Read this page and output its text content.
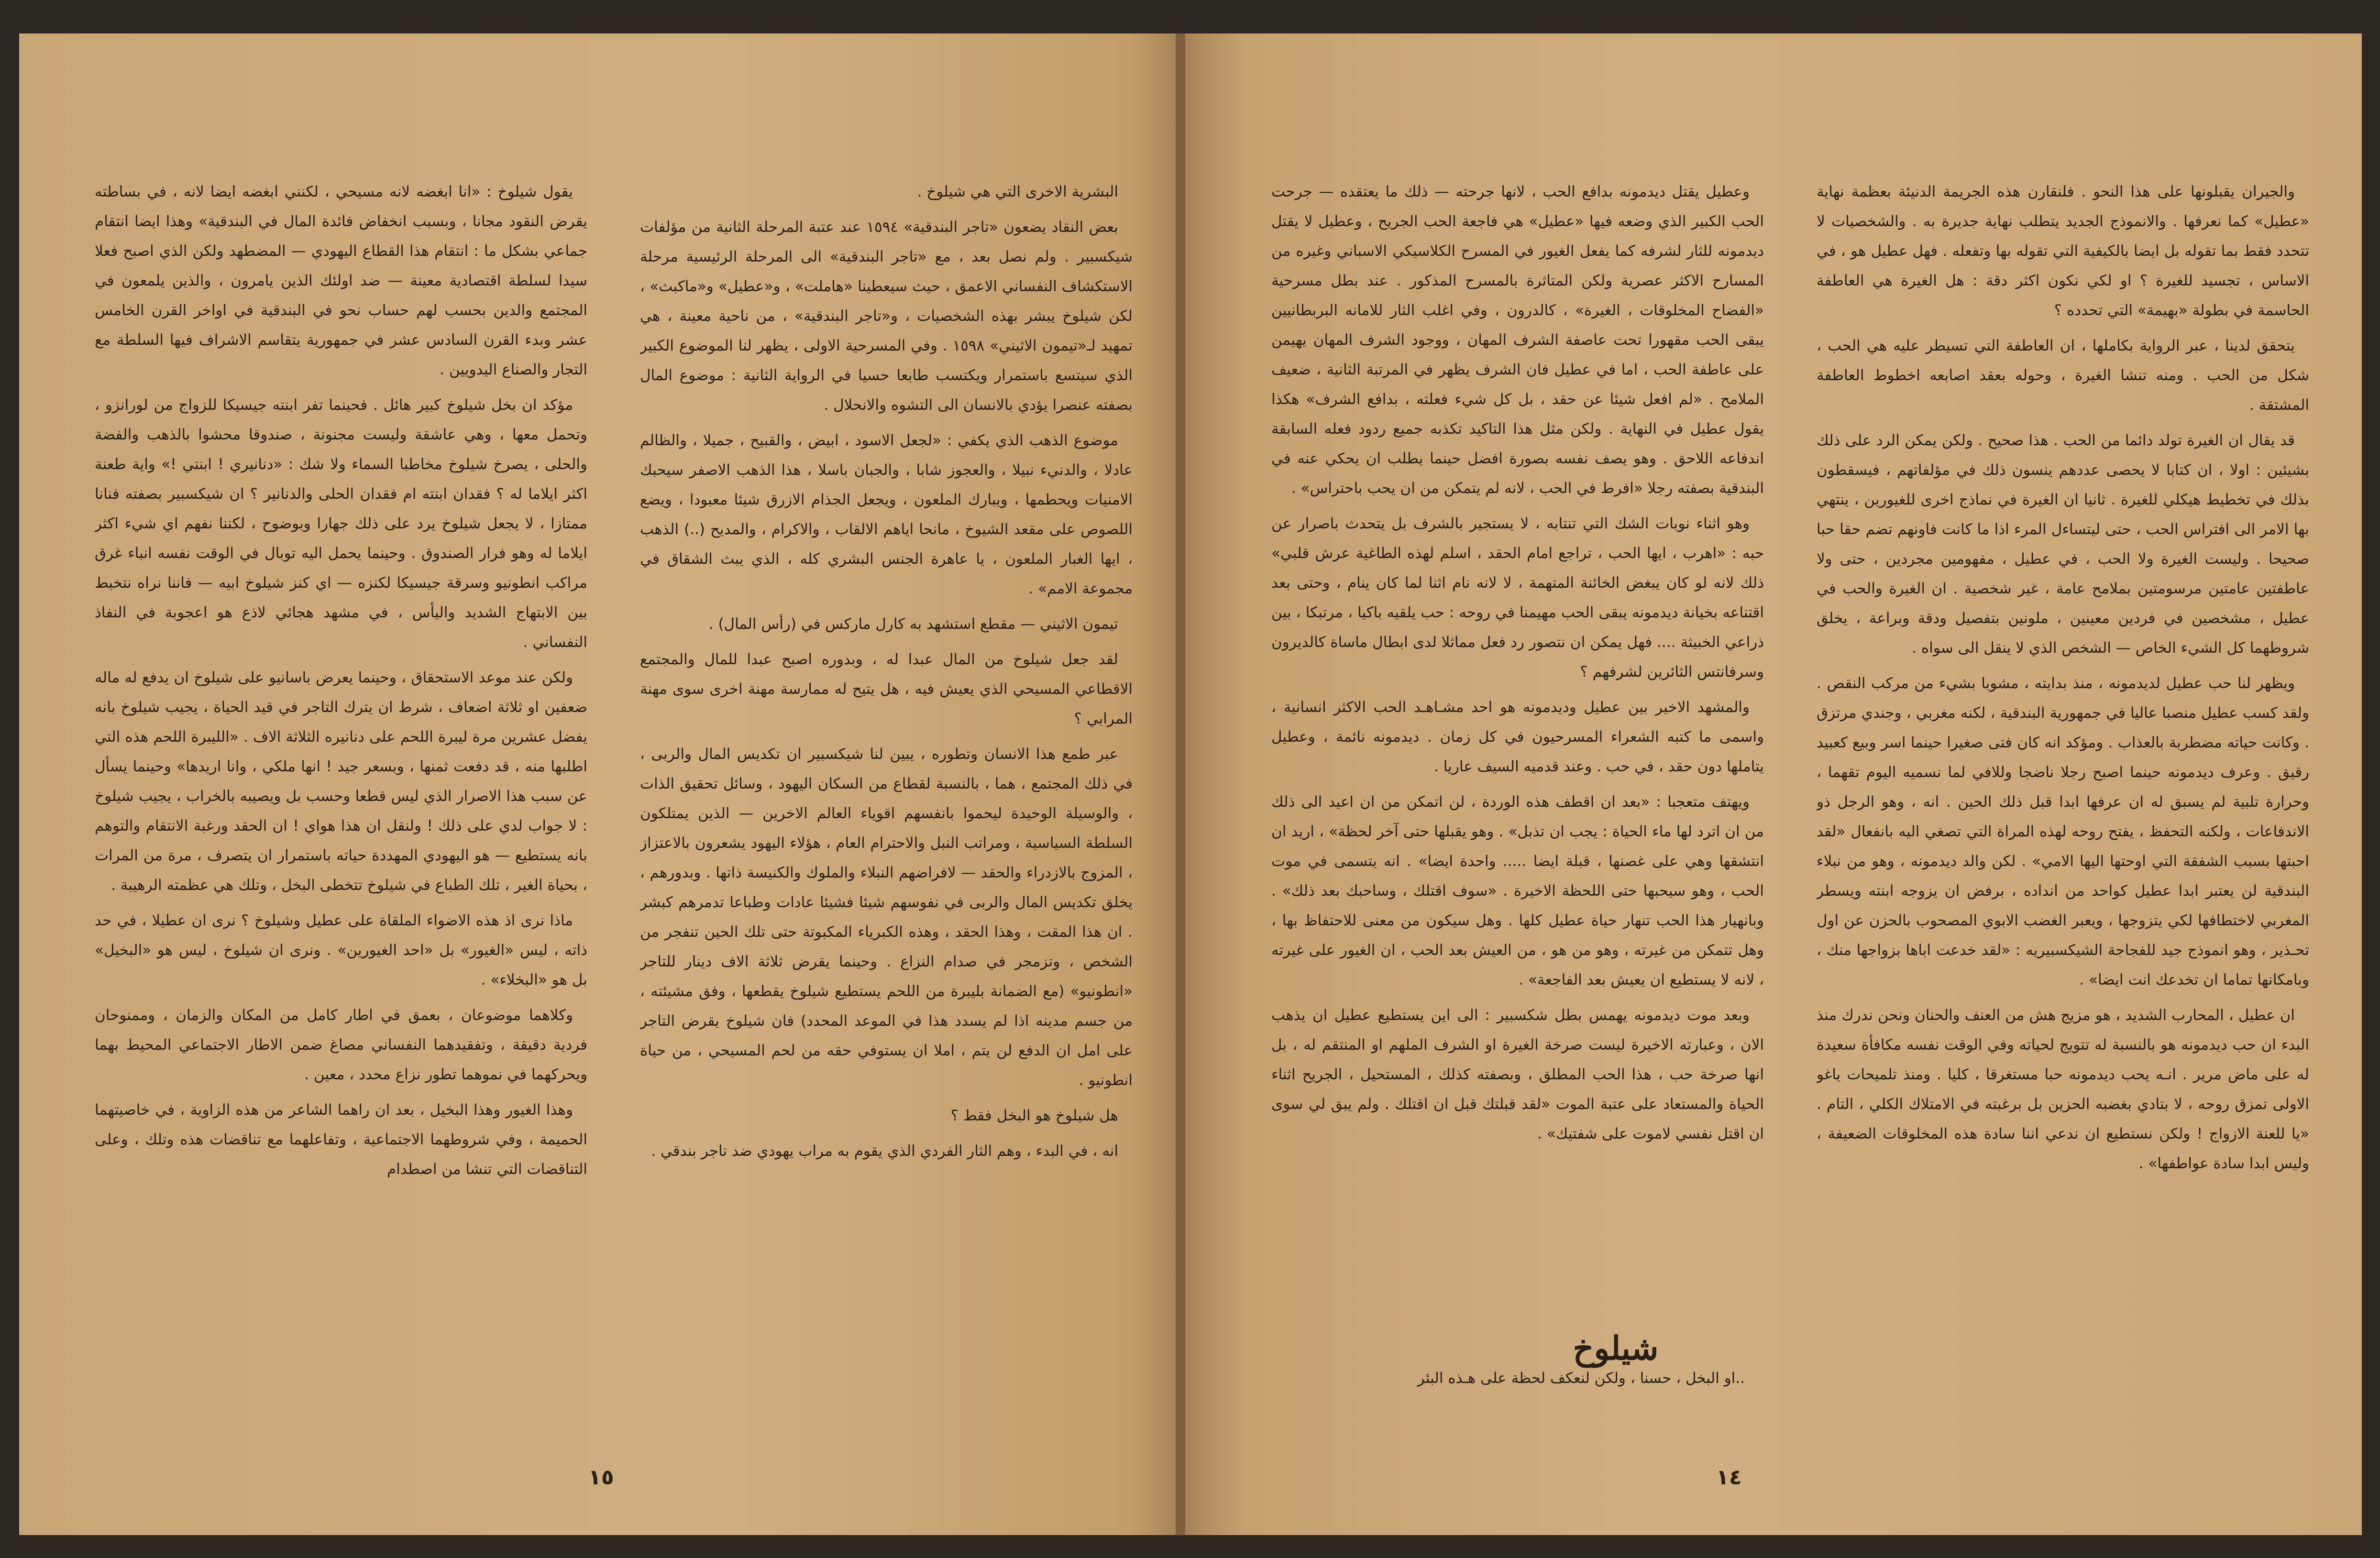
البشرية الاخرى التي هي شيلوخ .

بعض النقاد يضعون «تاجر البندقية» ١٥٩٤ عند عتبة المرحلة الثانية من مؤلفات شيكسبير . ولم نصل بعد ، مع «تاجر البندقية» الى المرحلة الرئيسية مرحلة الاستكشاف النفساني الاعمق ، حيث سيعطينا «هاملت» ، و«عطيل» و«ماكبث» ، لكن شيلوخ يبشر بهذه الشخصيات ، و«تاجر البندقية» ، من ناحية معينة ، هي تمهيد لـ«تيمون الاثيني» ١٥٩٨ . وفي المسرحية الاولى ، يظهر لنا الموضوع الكبير الذي سيتسع باستمرار ويكتسب طابعا حسيا في الرواية الثانية : موضوع المال بصفته عنصرا يؤدي بالانسان الى التشوه والانحلال .

موضوع الذهب الذي يكفي : «لجعل الاسود ، ابيض ، والقبيح ، جميلا ، والظالم عادلا ، والدنيء نبيلا ، والعجوز شابا ، والجبان باسلا ، هذا الذهب الاصفر سيحبك الامنيات ويحطمها ، ويبارك الملعون ، ويجعل الجذام الازرق شيئا معبودا ، ويضع اللصوص على مقعد الشيوخ ، مانحا اياهم الالقاب ، والاكرام ، والمديح (..) الذهب ، ايها الغبار الملعون ، يا عاهرة الجنس البشري كله ، الذي يبث الشقاق في مجموعة الامم» .

تيمون الاثيني — مقطع استشهد به كارل ماركس في (رأس المال) .

لقد جعل شيلوخ من المال عبدا له ، وبدوره اصبح عبدا للمال والمجتمع الاقطاعي المسيحي الذي يعيش فيه ، هل يتيح له ممارسة مهنة اخرى سوى مهنة المرابي ؟

عبر طمع هذا الانسان وتطوره ، يبين لنا شيكسبير ان تكديس المال والربى ، في ذلك المجتمع ، هما ، بالنسبة لقطاع من السكان اليهود ، وسائل تحقيق الذات ، والوسيلة الوحيدة ليحموا بانفسهم اقوياء العالم الاخرين — الذين يمتلكون السلطة السياسية ، ومراتب النبل والاحترام العام ، هؤلاء اليهود يشعرون بالاعتزاز ، المزوج بالازدراء والحقد — لافراضهم النبلاء والملوك والكنيسة ذاتها . وبدورهم ، يخلق تكديس المال والربى في نفوسهم شيئا فشيئا عادات وطباعا تدمرهم كبشر . ان هذا المقت ، وهذا الحقد ، وهذه الكبرياء المكبوتة حتى تلك الحين تنفجر من الشخص ، وتزمجر في صدام النزاع . وحينما يقرض ثلاثة الاف دينار للتاجر «انطونيو» (مع الضمانة بليبرة من اللحم يستطيع شيلوخ يقطعها ، وفق مشيئته ، من جسم مدينه اذا لم يسدد هذا في الموعد المحدد) فان شيلوخ يقرض التاجر على امل ان الدفع لن يتم ، املا ان يستوفي حقه من لحم المسيحي ، من حياة انطونيو .

هل شيلوخ هو البخل فقط ؟

انه ، في البدء ، وهم الثار الفردي الذي يقوم به مراب يهودي ضد تاجر بندقي .

يقول شيلوخ : «انا ابغضه لانه مسيحي ، لكنني ابغضه ايضا لانه ، في بساطته يقرض النقود مجانا ، وبسبب انخفاض فائدة المال في البندقية» وهذا ايضا انتقام جماعي بشكل ما : انتقام هذا القطاع اليهودي — المضطهد ولكن الذي اصبح فعلا سيدا لسلطة اقتصادية معينة — ضد اولئك الذين يامرون ، والذين يلمعون في المجتمع والدين بحسب لهم حساب نحو في البندقية في اواخر القرن الخامس عشر وبدء القرن السادس عشر في جمهورية يتقاسم الاشراف فيها السلطة مع التجار والصناع اليدويين .

مؤكد ان بخل شيلوخ كبير هائل . فحينما تفر ابنته جيسيكا للزواج من لورانزو ، وتحمل معها ، وهي عاشقة وليست مجنونة ، صندوقا محشوا بالذهب والفضة والحلى ، يصرخ شيلوخ مخاطبا السماء ولا شك : «دنانيري ! ابنتي !» واية طعنة اكثر ايلاما له ؟ فقدان ابنته ام فقدان الحلى والدنانير ؟ ان شيكسبير بصفته فنانا ممتازا ، لا يجعل شيلوخ يرد على ذلك جهارا وبوضوح ، لكننا نفهم اي شيء اكثر ايلاما له وهو فرار الصندوق . وحينما يحمل اليه توبال في الوقت نفسه انباء غرق مراكب انطونيو وسرقة جيسيكا لكنزه — اي كنز شيلوخ ابيه — فاننا نراه نتخبط بين الابتهاج الشديد واليأس ، في مشهد هجائي لاذع هو اعجوبة في النفاذ النفساني .

ولكن عند موعد الاستحقاق ، وحينما يعرض باسانيو على شيلوخ ان يدفع له ماله ضعفين او ثلاثة اضعاف ، شرط ان يترك التاجر في قيد الحياة ، يجيب شيلوخ بانه يفضل عشرين مرة ليبرة اللحم على دنانيره الثلاثة الاف . «الليبرة اللحم هذه التي اطلبها منه ، قد دفعت ثمنها ، وبسعر جيد ! انها ملكي ، وانا اريدها» وحينما يسأل عن سبب هذا الاصرار الذي ليس قطعا وحسب بل ويصيبه بالخراب ، يجيب شيلوخ : لا جواب لدي على ذلك ! ولنقل ان هذا هواي ! ان الحقد ورغبة الانتقام والتوهم بانه يستطيع — هو اليهودي المهددة حياته باستمرار ان يتصرف ، مرة من المرات ، بحياة الغير ، تلك الطباع في شيلوخ تتخطى البخل ، وتلك هي عظمته الرهيبة .

ماذا نرى اذ هذه الاضواء الملقاة على عطيل وشيلوخ ؟ نرى ان عطيلا ، في حد ذاته ، ليس «الغيور» بل «احد الغيورين» . ونرى ان شيلوخ ، ليس هو «البخيل» بل هو «البخلاء» .

وكلاهما موضوعان ، بعمق في اطار كامل من المكان والزمان ، وممنوحان فردية دقيقة ، وتفقيدهما النفساني مصاغ ضمن الاطار الاجتماعي المحيط بهما ويحركهما في نموهما تطور نزاع محدد ، معين .

وهذا الغيور وهذا البخيل ، بعد ان راهما الشاعر من هذه الزاوية ، في خاصيتهما الحميمة ، وفي شروطهما الاجتماعية ، وتفاعلهما مع تناقضات هذه وتلك ، وعلى التناقضات التي تنشا من اصطدام

١٥

والجيران يقبلونها على هذا النحو . فلنقارن هذه الجريمة الدنيئة بعظمة نهاية «عطيل» كما نعرفها . والانموذج الجديد يتطلب نهاية جديرة به . والشخصيات لا تتحدد فقط بما تقوله بل ايضا بالكيفية التي تقوله بها وتفعله . فهل عطيل هو ، في الاساس ، تجسيد للغيرة ؟ او لكي نكون اكثر دقة : هل الغيرة هي العاطفة الحاسمة في بطولة «بهيمة» التي تحدده ؟

يتحقق لدينا ، عبر الرواية بكاملها ، ان العاطفة التي تسيطر عليه هي الحب ، شكل من الحب . ومنه تنشا الغيرة ، وحوله بعقد اصابعه اخطوط العاطفة المشتقة .

قد يقال ان الغيرة تولد دائما من الحب . هذا صحيح . ولكن يمكن الرد على ذلك بشيئين : اولا ، ان كتابا لا يحصى عددهم ينسون ذلك في مؤلفاتهم ، فيسقطون بذلك في تخطيط هيكلي للغيرة . ثانيا ان الغيرة في نماذج اخرى للغيورين ، ينتهي بها الامر الى افتراس الحب ، حتى ليتساءل المرء اذا ما كانت فاونهم تضم حقا حبا صحيحا . وليست الغيرة ولا الحب ، في عطيل ، مفهومين مجردين ، حتى ولا عاطفتين عامتين مرسومتين بملامح عامة ، غير شخصية . ان الغيرة والحب في عطيل ، مشخصين في فردين معينين ، ملونين بتفصيل ودقة وبراعة ، يخلق شروطهما كل الشيء الخاص — الشخص الذي لا ينقل الى سواه .

ويظهر لنا حب عطيل لديدمونه ، منذ بدايته ، مشوبا بشيء من مركب النقص . ولقد كسب عطيل منصبا عاليا في جمهورية البندقية ، لكنه مغربي ، وجندي مرتزق . وكانت حياته مضطربة بالعذاب . ومؤكد انه كان فتى صغيرا حينما اسر وبيع كعبيد رقيق . وعرف ديدمونه حينما اصبح رجلا ناضجا وللافي لما نسميه اليوم تقهما ، وحرارة تلبية لم يسبق له ان عرفها ابدا قبل ذلك الحين . انه ، وهو الرجل ذو الاندفاعات ، ولكنه التحفظ ، يفتح روحه لهذه المراة التي تصغي اليه بانفعال «لقد احبتها بسبب الشفقة التي اوحتها اليها الامي» . لكن والد ديدمونه ، وهو من نبلاء البندقية لن يعتبر ابدا عطيل كواحد من انداده ، برفض ان يزوجه ابنته ويسطر المغربي لاختطافها لكي يتزوجها ، ويعبر الغضب الابوي المصحوب بالحزن عن اول تحـذير ، وهو انموذج جيد للفجاجة الشيكسبيريه : «لقد خدعت اباها بزواجها منك ، وبامكانها تماما ان تخدعك انت ايضا» .

ان عطيل ، المحارب الشديد ، هو مزيج هش من العنف والحنان ونحن ندرك منذ البدء ان حب ديدمونه هو بالنسبة له تتويج لحياته وفي الوقت نفسه مكافأة سعيدة له على ماض مرير . انـه يحب ديدمونه حبا مستغرقا ، كليا . ومنذ تلميحات ياغو الاولى تمزق روحه ، لا بتادي بغضبه الحزين بل برغبته في الامتلاك الكلي ، التام . «يا للعنة الازواج ! ولكن نستطيع ان ندعي اننا سادة هذه المخلوقات الضعيفة ، وليس ابدا سادة عواطفها» .

وعطيل يقتل ديدمونه بدافع الحب ، لانها جرحته — ذلك ما يعتقده — جرحت الحب الكبير الذي وضعه فيها «عطيل» هي فاجعة الحب الجريح ، وعطيل لا يقتل ديدمونه للثار لشرفه كما يفعل الغيور في المسرح الكلاسيكي الاسباني وغيره من المسارح الاكثر عصرية ولكن المتاثرة بالمسرح المذكور . عند بطل مسرحية «الفضاح المخلوقات ، الغيرة» ، كالدرون ، وفي اغلب الثار للامانه البربطانيين يبقى الحب مقهورا تحت عاصفة الشرف المهان ، ووجود الشرف المهان يهيمن على عاطفة الحب ، اما في عطيل فان الشرف يظهر في المرتبة الثانية ، ضعيف الملامح . «لم افعل شيئا عن حقد ، بل كل شيء فعلته ، بدافع الشرف» هكذا يقول عطيل في النهاية . ولكن مثل هذا التاكيد تكذبه جميع ردود فعله السابقة اندفاعه اللاحق . وهو يصف نفسه بصورة افضل حينما يطلب ان يحكي عنه في البندقية بصفته رجلا «افرط في الحب ، لانه لم يتمكن من ان يحب باحتراس» .

وهو اثناء نوبات الشك التي تنتابه ، لا يستجير بالشرف بل يتحدث باصرار عن حبه : «اهرب ، ايها الحب ، تراجع امام الحقد ، اسلم لهذه الطاغية عرش قلبي» ذلك لانه لو كان يبغض الخائنة المتهمة ، لا لانه نام اثنا لما كان ينام ، وحتى بعد اقتناعه بخيانة ديدمونه يبقى الحب مهيمنا في روحه : حب يلقيه باكيا ، مرتبكا ، بين ذراعي الخبيثة .... فهل يمكن ان نتصور رد فعل مماثلا لدى ابطال ماساة كالديرون وسرفانتس الثائرين لشرفهم ؟

والمشهد الاخير بين عطيل وديدمونه هو احد مشـاهـد الحب الاكثر انسانية ، واسمى ما كتبه الشعراء المسرحيون في كل زمان . ديدمونه نائمة ، وعطيل يتاملها دون حقد ، في حب . وعند قدميه السيف عاريا .

ويهتف متعجبا : «بعد ان اقطف هذه الوردة ، لن اتمكن من ان اعيد الى ذلك من ان اترد لها ماء الحياة : يجب ان تذبل» . وهو يقبلها حتى آخر لحظة» ، اريد ان انتشقها وهي على غصنها ، قبلة ايضا ..... واحدة ايضا» . انه يتسمى في موت الحب ، وهو سيحبها حتى اللحظة الاخيرة . «سوف اقتلك ، وساحبك بعد ذلك» . وبانهيار هذا الحب تنهار حياة عطيل كلها . وهل سيكون من معنى للاحتفاظ بها ، وهل تتمكن من غيرته ، وهو من هو ، من العيش بعد الحب ، ان الغيور على غيرته ، لانه لا يستطيع ان يعيش بعد الفاجعة» .

وبعد موت ديدمونه يهمس بطل شكسبير : الى اين يستطيع عطيل ان يذهب الان ، وعبارته الاخيرة ليست صرخة الغيرة او الشرف الملهم او المنتقم له ، بل انها صرخة حب ، هذا الحب المطلق ، وبصفته كذلك ، المستحيل ، الجريح اثناء الحياة والمستعاد على عتبة الموت «لقد قبلتك قبل ان اقتلك . ولم يبق لي سوى ان اقتل نفسي لاموت على شفتيك» .

شيلوخ
..او البخل ، حسنا ، ولكن لنعكف لحظة على هـذه البئر
١٤
